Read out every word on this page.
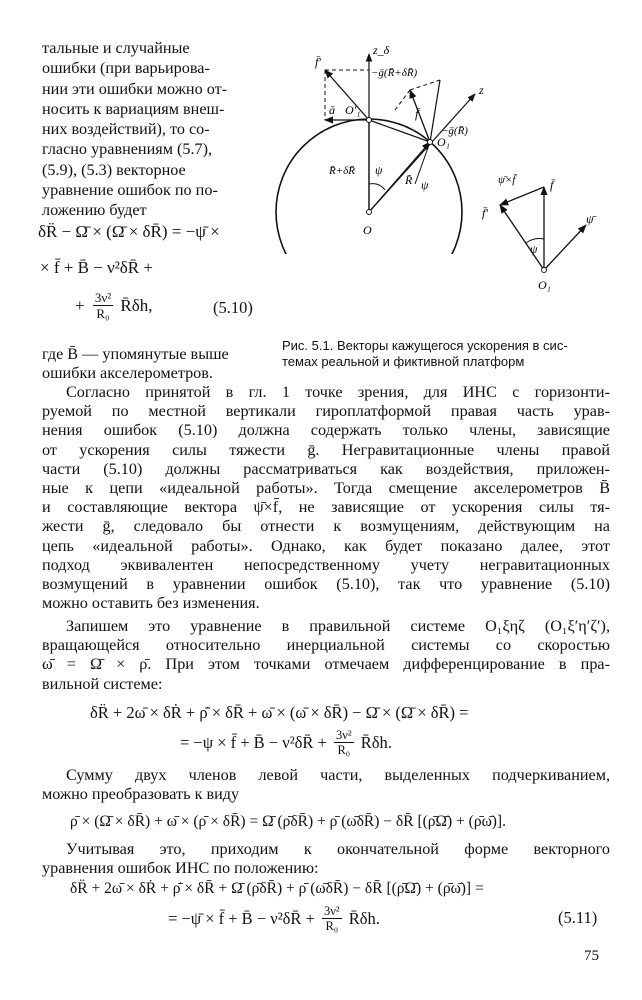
тальные и случайные
ошибки (при варьирова-
нии эти ошибки можно от-
носить к вариациям внеш-
них воздействий), то со-
гласно уравнениям (5.7),
(5.9), (5.3) векторное
уравнение ошибок по по-
ложению будет
δR̈ − Ω̄ × (Ω̄ × δR̄) = −ψ̄ ×
× f̄ + B̄ − ν²δR̄ +
+ $\frac{\text{3ν²}}{\text{R₀}}$ R̄δh,	(5.10)
f̄′
z_δ
−ḡ(R̄+δR̄)
z
ā O′₁	f̄
O₁
−ḡ(R̄)
R̄+δR̄ ψ
R̄ ψ
O
ψ̄×f̄	f̄
f̄′
ψ
ψ̄
O₁
Рис. 5.1. Векторы кажущегося ускорения в сис-
темах реальной и фиктивной платформ
где B̄ — упомянутые выше
ошибки акселерометров.
Согласно принятой в гл. 1 точке зрения, для ИНС с горизонти-
руемой по местной вертикали гироплатформой правая часть урав-
нения ошибок (5.10) должна содержать только члены, зависящие
от ускорения силы тяжести ḡ. Негравитационные члены правой
части (5.10) должны рассматриваться как воздействия, приложен-
ные к цепи «идеальной работы». Тогда смещение акселерометров B̄
и составляющие вектора ψ̄×f̄, не зависящие от ускорения силы тя-
жести ḡ, следовало бы отнести к возмущениям, действующим на
цепь «идеальной работы». Однако, как будет показано далее, этот
подход эквивалентен непосредственному учету негравитационных
возмущений в уравнении ошибок (5.10), так что уравнение (5.10)
можно оставить без изменения.
Запишем это уравнение в правильной системе O₁ξηζ (O₁ξ′η′ζ′),
вращающейся относительно инерциальной системы со скоростью
ω̄ = Ω̄ × ρ̄. При этом точками отмечаем дифференцирование в пра-
вильной системе:
δR̈ + 2ω̄ × δṘ + ρ̄̇ × δR̄ + ω̄ × (ω̄ × δR̄) − Ω̄ × (Ω̄ × δR̄) =
= −ψ × f̄ + B̄ − ν²δR̄ + $\frac{\text{3ν²}}{\text{R₀}}$ R̄δh.
Сумму двух членов левой части, выделенных подчеркиванием,
можно преобразовать к виду
ρ̄ × (Ω̄ × δR̄) + ω̄ × (ρ̄ × δR̄) = Ω̄ (ρ̄δR̄) + ρ̄ (ω̄δR̄) − δR̄ [(ρ̄Ω̄) + (ρ̄ω̄)].
Учитывая это, приходим к окончательной форме векторного
уравнения ошибок ИНС по положению:
δR̈ + 2ω̄ × δṘ + ρ̄̇ × δR̄ + Ω̄ (ρ̄δR̄) + ρ̄ (ω̄δR̄) − δR̄ [(ρ̄Ω̄) + (ρ̄ω̄)] =
= −ψ̄ × f̄ + B̄ − ν²δR̄ + $\frac{\text{3ν²}}{\text{R₀}}$ R̄δh.	(5.11)
75
